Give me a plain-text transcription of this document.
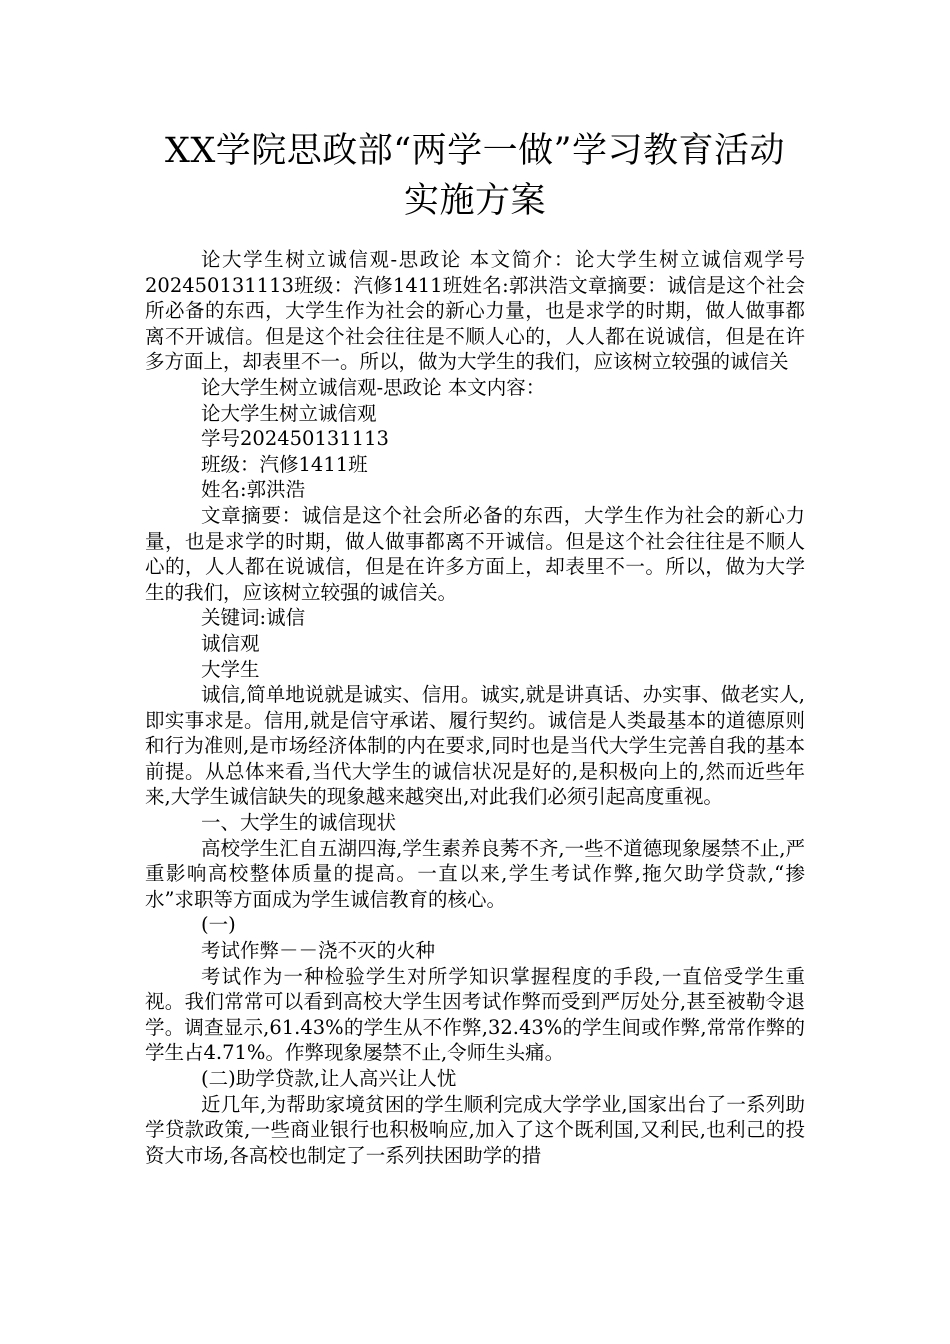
XX学院思政部“两学一做”学习教育活动
实施方案

论大学生树立诚信观-思政论 本文简介：论大学生树立诚信观学号202450131113班级：汽修1411班姓名:郭洪浩文章摘要：诚信是这个社会所必备的东西，大学生作为社会的新心力量，也是求学的时期，做人做事都离不开诚信。但是这个社会往往是不顺人心的，人人都在说诚信，但是在许多方面上，却表里不一。所以，做为大学生的我们，应该树立较强的诚信关

论大学生树立诚信观-思政论 本文内容：

论大学生树立诚信观

学号202450131113

班级：汽修1411班

姓名:郭洪浩

文章摘要：诚信是这个社会所必备的东西，大学生作为社会的新心力量，也是求学的时期，做人做事都离不开诚信。但是这个社会往往是不顺人心的，人人都在说诚信，但是在许多方面上，却表里不一。所以，做为大学生的我们，应该树立较强的诚信关。

关键词:诚信

诚信观

大学生

诚信,简单地说就是诚实、信用。诚实,就是讲真话、办实事、做老实人,即实事求是。信用,就是信守承诺、履行契约。诚信是人类最基本的道德原则和行为准则,是市场经济体制的内在要求,同时也是当代大学生完善自我的基本前提。从总体来看,当代大学生的诚信状况是好的,是积极向上的,然而近些年来,大学生诚信缺失的现象越来越突出,对此我们必须引起高度重视。

一、大学生的诚信现状

高校学生汇自五湖四海,学生素养良莠不齐,一些不道德现象屡禁不止,严重影响高校整体质量的提高。一直以来,学生考试作弊,拖欠助学贷款,“掺水”求职等方面成为学生诚信教育的核心。

(一)

考试作弊－－浇不灭的火种

考试作为一种检验学生对所学知识掌握程度的手段,一直倍受学生重视。我们常常可以看到高校大学生因考试作弊而受到严厉处分,甚至被勒令退学。调查显示,61.43%的学生从不作弊,32.43%的学生间或作弊,常常作弊的学生占4.71%。作弊现象屡禁不止,令师生头痛。

(二)助学贷款,让人高兴让人忧

近几年,为帮助家境贫困的学生顺利完成大学学业,国家出台了一系列助学贷款政策,一些商业银行也积极响应,加入了这个既利国,又利民,也利己的投资大市场,各高校也制定了一系列扶困助学的措
